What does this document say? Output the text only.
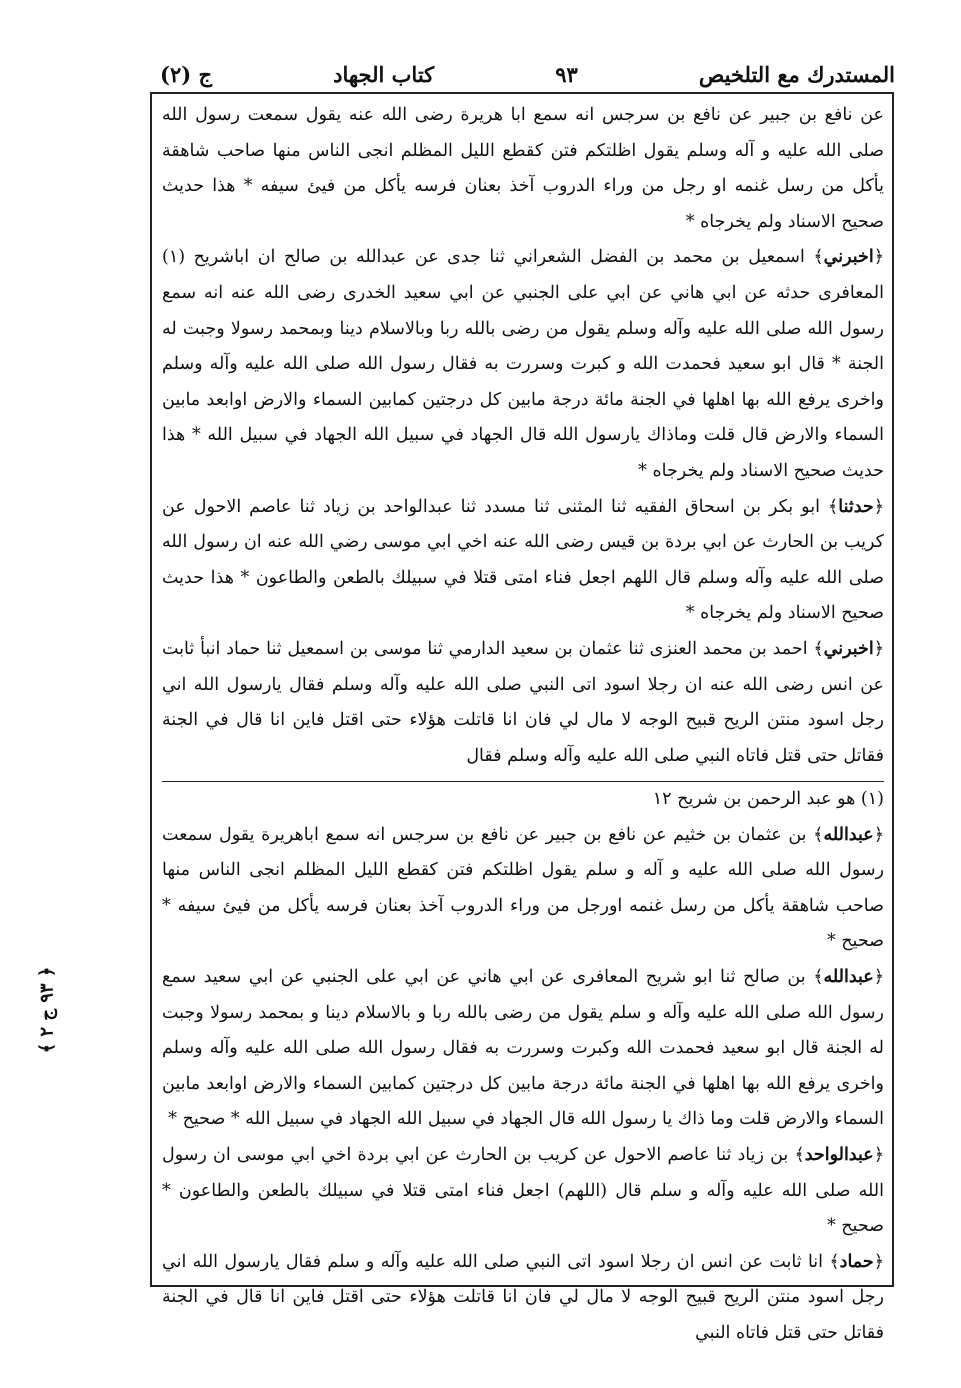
المستدرك مع التلخيص
٩٣
كتاب الجهاد
ج (٢)

عن نافع بن جبير عن نافع بن سرجس انه سمع ابا هريرة رضى الله عنه يقول سمعت رسول الله صلى الله عليه و آله وسلم يقول اظلتكم فتن كقطع الليل المظلم انجى الناس منها صاحب شاهقة يأكل من رسل غنمه او رجل من وراء الدروب آخذ بعنان فرسه يأكل من فيئ سيفه * هذا حديث صحيح الاسناد ولم يخرجاه *

﴿ اخبرني ﴾ اسمعيل بن محمد بن الفضل الشعراني ثنا جدى عن عبدالله بن صالح ان اباشريح (١) المعافرى حدثه عن ابي هاني عن ابي على الجنبي عن ابي سعيد الخدرى رضى الله عنه انه سمع رسول الله صلى الله عليه وآله وسلم يقول من رضى بالله ربا وبالاسلام دينا وبمحمد رسولا وجبت له الجنة * قال ابو سعيد فحمدت الله و كبرت وسررت به فقال رسول الله صلى الله عليه وآله وسلم واخرى يرفع الله بها اهلها في الجنة مائة درجة مابين كل درجتين كمابين السماء والارض اوابعد مابين السماء والارض قال قلت وماذاك يارسول الله قال الجهاد في سبيل الله الجهاد في سبيل الله * هذا حديث صحيح الاسناد ولم يخرجاه *

﴿ حدثنا ﴾ ابو بكر بن اسحاق الفقيه ثنا المثنى ثنا مسدد ثنا عبدالواحد بن زياد ثنا عاصم الاحول عن كريب بن الحارث عن ابي بردة بن قيس رضى الله عنه اخي ابي موسى رضي الله عنه ان رسول الله صلى الله عليه وآله وسلم قال اللهم اجعل فناء امتى قتلا في سبيلك بالطعن والطاعون * هذا حديث صحيح الاسناد ولم يخرجاه *

﴿ اخبرني ﴾ احمد بن محمد العنزى ثنا عثمان بن سعيد الدارمي ثنا موسى بن اسمعيل ثنا حماد انبأ ثابت عن انس رضى الله عنه ان رجلا اسود اتى النبي صلى الله عليه وآله وسلم فقال يارسول الله اني رجل اسود منتن الريح قبيح الوجه لا مال لي فان انا قاتلت هؤلاء حتى اقتل فاين انا قال في الجنة فقاتل حتى قتل فاتاه النبي صلى الله عليه وآله وسلم فقال

(١) هو عبد الرحمن بن شريح ١٢

﴿ عبدالله ﴾ بن عثمان بن خثيم عن نافع بن جبير عن نافع بن سرجس انه سمع اباهريرة يقول سمعت رسول الله صلى الله عليه و آله و سلم يقول اظلتكم فتن كقطع الليل المظلم انجى الناس منها صاحب شاهقة يأكل من رسل غنمه اورجل من وراء الدروب آخذ بعنان فرسه يأكل من فيئ سيفه * صحيح *

﴿ عبدالله ﴾ بن صالح ثنا ابو شريح المعافرى عن ابي هاني عن ابي على الجنبي عن ابي سعيد سمع رسول الله صلى الله عليه وآله و سلم يقول من رضى بالله ربا و بالاسلام دينا و بمحمد رسولا وجبت له الجنة قال ابو سعيد فحمدت الله وكبرت وسررت به فقال رسول الله صلى الله عليه وآله وسلم واخرى يرفع الله بها اهلها في الجنة مائة درجة مابين كل درجتين كمابين السماء والارض اوابعد مابين السماء والارض قلت وما ذاك يا رسول الله قال الجهاد في سبيل الله الجهاد في سبيل الله * صحيح *

﴿ عبدالواحد ﴾ بن زياد ثنا عاصم الاحول عن كريب بن الحارث عن ابي بردة اخي ابي موسى ان رسول الله صلى الله عليه وآله و سلم قال (اللهم) اجعل فناء امتى قتلا في سبيلك بالطعن والطاعون * صحيح *

﴿ حماد ﴾ انا ثابت عن انس ان رجلا اسود اتى النبي صلى الله عليه وآله و سلم فقال يارسول الله اني رجل اسود منتن الريح قبيح الوجه لا مال لي فان انا قاتلت هؤلاء حتى اقتل فاين انا قال في الجنة فقاتل حتى قتل فاتاه النبي

﴿ ٩٣ ج ٢ ﴾
